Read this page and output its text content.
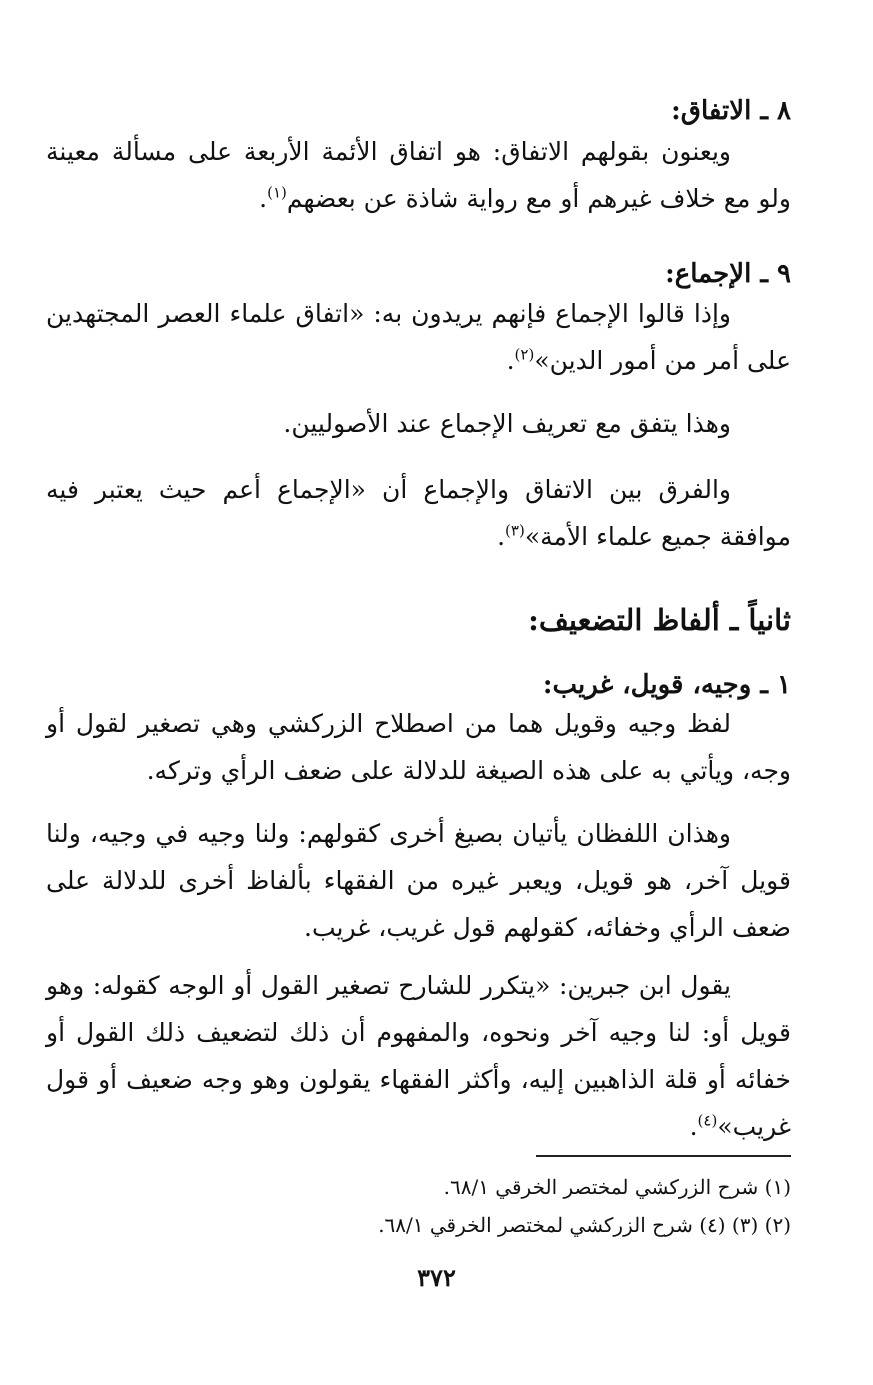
٨ ـ الاتفاق:

ويعنون بقولهم الاتفاق: هو اتفاق الأئمة الأربعة على مسألة معينة ولو مع خلاف غيرهم أو مع رواية شاذة عن بعضهم$^{(١)}$.

٩ ـ الإجماع:

وإذا قالوا الإجماع فإنهم يريدون به: «اتفاق علماء العصر المجتهدين على أمر من أمور الدين»$^{(٢)}$.

وهذا يتفق مع تعريف الإجماع عند الأصوليين.

والفرق بين الاتفاق والإجماع أن «الإجماع أعم حيث يعتبر فيه موافقة جميع علماء الأمة»$^{(٣)}$.

ثانياً ـ ألفاظ التضعيف:
١ ـ وجيه، قويل، غريب:

لفظ وجيه وقويل هما من اصطلاح الزركشي وهي تصغير لقول أو وجه، ويأتي به على هذه الصيغة للدلالة على ضعف الرأي وتركه.

وهذان اللفظان يأتيان بصيغ أخرى كقولهم: ولنا وجيه في وجيه، ولنا قويل آخر، هو قويل، ويعبر غيره من الفقهاء بألفاظ أخرى للدلالة على ضعف الرأي وخفائه، كقولهم قول غريب، غريب.

يقول ابن جبرين: «يتكرر للشارح تصغير القول أو الوجه كقوله: وهو قويل أو: لنا وجيه آخر ونحوه، والمفهوم أن ذلك لتضعيف ذلك القول أو خفائه أو قلة الذاهبين إليه، وأكثر الفقهاء يقولون وهو وجه ضعيف أو قول غريب»$^{(٤)}$.

(١) شرح الزركشي لمختصر الخرقي ٦٨/١.
(٢) (٣) (٤) شرح الزركشي لمختصر الخرقي ٦٨/١.
٣٧٢
